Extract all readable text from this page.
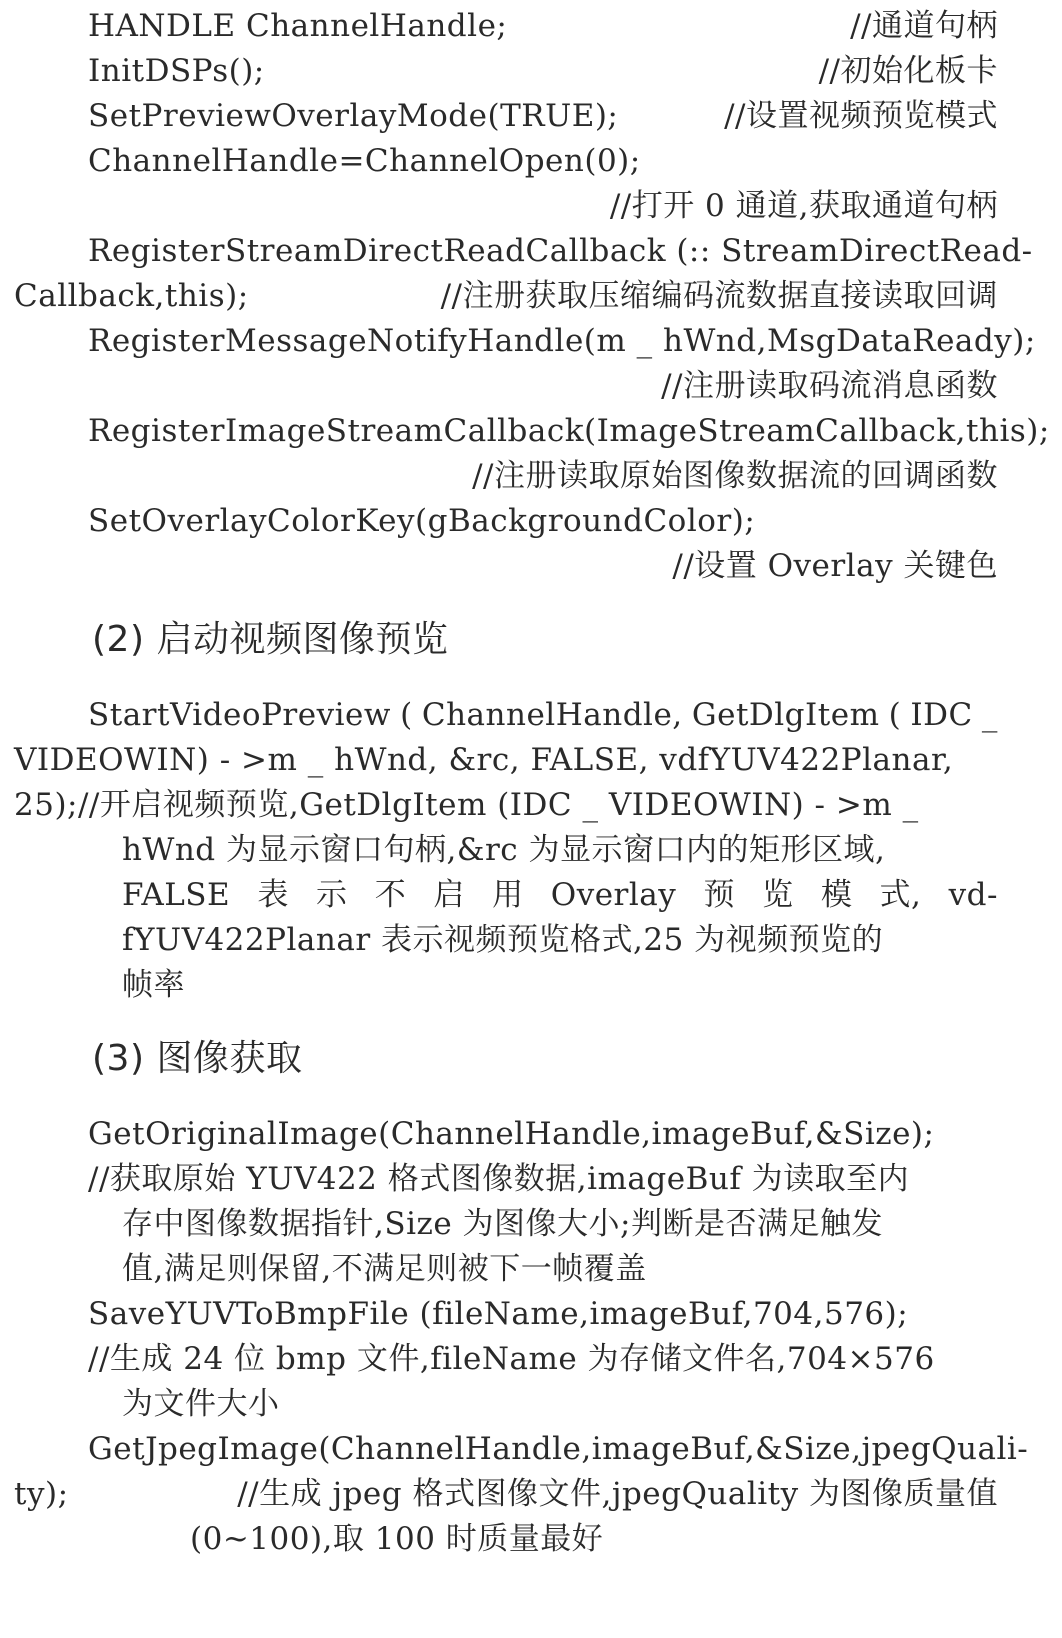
HANDLE ChannelHandle;	//通道句柄
InitDSPs();	//初始化板卡
SetPreviewOverlayMode(TRUE);	//设置视频预览模式
ChannelHandle=ChannelOpen(0);
//打开 0 通道,获取通道句柄
RegisterStreamDirectReadCallback (:: StreamDirectRead-
Callback,this);	//注册获取压缩编码流数据直接读取回调
RegisterMessageNotifyHandle(m _ hWnd,MsgDataReady);
//注册读取码流消息函数
RegisterImageStreamCallback(ImageStreamCallback,this);
//注册读取原始图像数据流的回调函数
SetOverlayColorKey(gBackgroundColor);
//设置 Overlay 关键色
(2) 启动视频图像预览
StartVideoPreview ( ChannelHandle, GetDlgItem ( IDC _
VIDEOWIN) - >m _ hWnd, &rc, FALSE, vdfYUV422Planar,
25);//开启视频预览,GetDlgItem (IDC _ VIDEOWIN) - >m _
hWnd 为显示窗口句柄,&rc 为显示窗口内的矩形区域,
FALSE 表 示 不 启 用 Overlay 预 览 模 式, vd-
fYUV422Planar 表示视频预览格式,25 为视频预览的
帧率
(3) 图像获取
GetOriginalImage(ChannelHandle,imageBuf,&Size);
//获取原始 YUV422 格式图像数据,imageBuf 为读取至内
存中图像数据指针,Size 为图像大小;判断是否满足触发
值,满足则保留,不满足则被下一帧覆盖
SaveYUVToBmpFile (fileName,imageBuf,704,576);
//生成 24 位 bmp 文件,fileName 为存储文件名,704×576
为文件大小
GetJpegImage(ChannelHandle,imageBuf,&Size,jpegQuali-
ty);	//生成 jpeg 格式图像文件,jpegQuality 为图像质量值
(0~100),取 100 时质量最好
